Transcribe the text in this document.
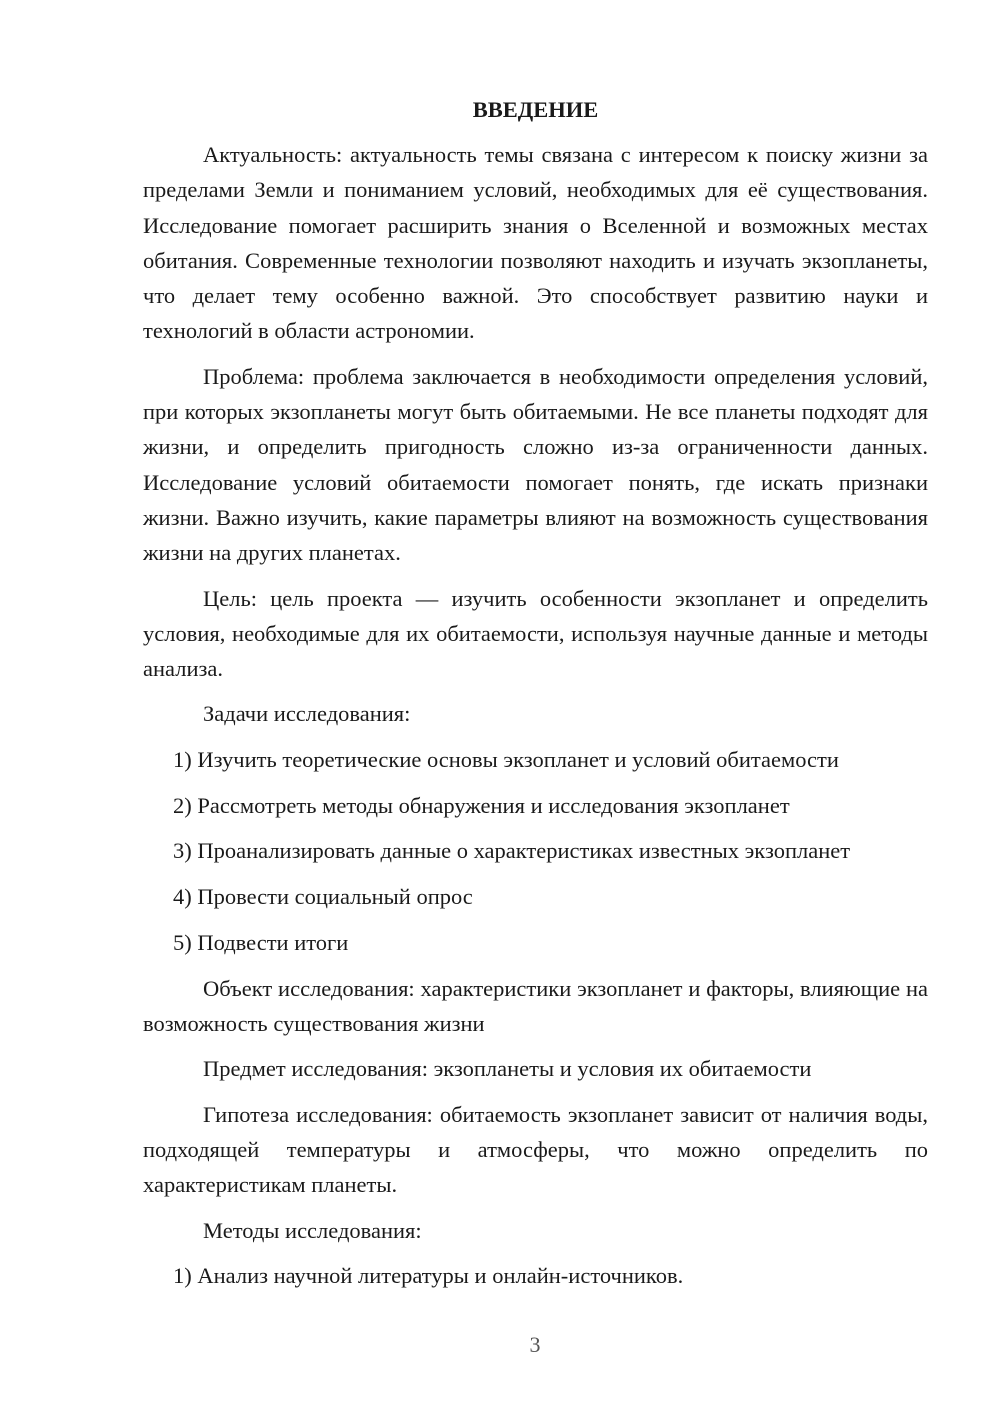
ВВЕДЕНИЕ

Актуальность: актуальность темы связана с интересом к поиску жизни за пределами Земли и пониманием условий, необходимых для её существования. Исследование помогает расширить знания о Вселенной и возможных местах обитания. Современные технологии позволяют находить и изучать экзопланеты, что делает тему особенно важной. Это способствует развитию науки и технологий в области астрономии.

Проблема: проблема заключается в необходимости определения условий, при которых экзопланеты могут быть обитаемыми. Не все планеты подходят для жизни, и определить пригодность сложно из-за ограниченности данных. Исследование условий обитаемости помогает понять, где искать признаки жизни. Важно изучить, какие параметры влияют на возможность существования жизни на других планетах.

Цель: цель проекта — изучить особенности экзопланет и определить условия, необходимые для их обитаемости, используя научные данные и методы анализа.

Задачи исследования:

1) Изучить теоретические основы экзопланет и условий обитаемости
2) Рассмотреть методы обнаружения и исследования экзопланет
3) Проанализировать данные о характеристиках известных экзопланет
4) Провести социальный опрос
5) Подвести итоги

Объект исследования: характеристики экзопланет и факторы, влияющие на возможность существования жизни

Предмет исследования: экзопланеты и условия их обитаемости

Гипотеза исследования: обитаемость экзопланет зависит от наличия воды, подходящей температуры и атмосферы, что можно определить по характеристикам планеты.

Методы исследования:

1) Анализ научной литературы и онлайн-источников.
3
